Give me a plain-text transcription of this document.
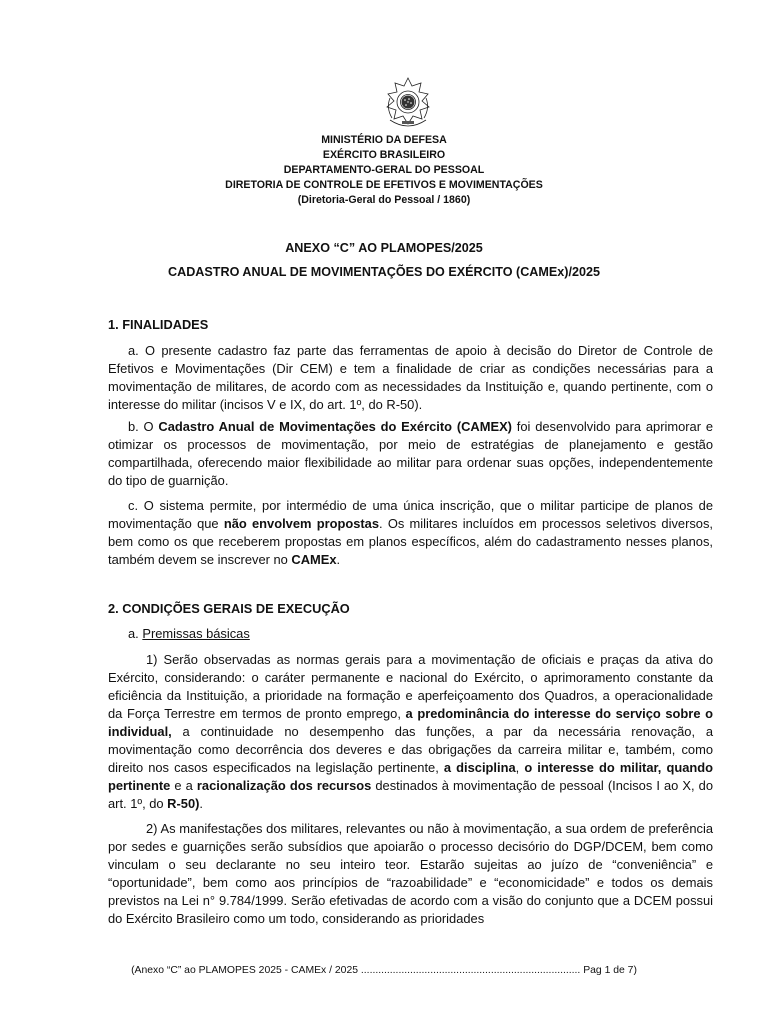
MINISTÉRIO DA DEFESA
EXÉRCITO BRASILEIRO
DEPARTAMENTO-GERAL DO PESSOAL
DIRETORIA DE CONTROLE DE EFETIVOS E MOVIMENTAÇÕES
(Diretoria-Geral do Pessoal / 1860)
ANEXO “C” AO PLAMOPES/2025
CADASTRO ANUAL DE MOVIMENTAÇÕES DO EXÉRCITO (CAMEx)/2025
1. FINALIDADES
a. O presente cadastro faz parte das ferramentas de apoio à decisão do Diretor de Controle de Efetivos e Movimentações (Dir CEM) e tem a finalidade de criar as condições necessárias para a movimentação de militares, de acordo com as necessidades da Instituição e, quando pertinente, com o interesse do militar (incisos V e IX, do art. 1º, do R-50).
b. O Cadastro Anual de Movimentações do Exército (CAMEX) foi desenvolvido para aprimorar e otimizar os processos de movimentação, por meio de estratégias de planejamento e gestão compartilhada, oferecendo maior flexibilidade ao militar para ordenar suas opções, independentemente do tipo de guarnição.
c. O sistema permite, por intermédio de uma única inscrição, que o militar participe de planos de movimentação que não envolvem propostas. Os militares incluídos em processos seletivos diversos, bem como os que receberem propostas em planos específicos, além do cadastramento nesses planos, também devem se inscrever no CAMEx.
2. CONDIÇÕES GERAIS DE EXECUÇÃO
a. Premissas básicas
1) Serão observadas as normas gerais para a movimentação de oficiais e praças da ativa do Exército, considerando: o caráter permanente e nacional do Exército, o aprimoramento constante da eficiência da Instituição, a prioridade na formação e aperfeiçoamento dos Quadros, a operacionalidade da Força Terrestre em termos de pronto emprego, a predominância do interesse do serviço sobre o individual, a continuidade no desempenho das funções, a par da necessária renovação, a movimentação como decorrência dos deveres e das obrigações da carreira militar e, também, como direito nos casos especificados na legislação pertinente, a disciplina, o interesse do militar, quando pertinente e a racionalização dos recursos destinados à movimentação de pessoal (Incisos I ao X, do art. 1º, do R-50).
2) As manifestações dos militares, relevantes ou não à movimentação, a sua ordem de preferência por sedes e guarnições serão subsídios que apoiarão o processo decisório do DGP/DCEM, bem como vinculam o seu declarante no seu inteiro teor. Estarão sujeitas ao juízo de “conveniência” e “oportunidade”, bem como aos princípios de “razoabilidade” e “economicidade” e todos os demais previstos na Lei n° 9.784/1999. Serão efetivadas de acordo com a visão do conjunto que a DCEM possui do Exército Brasileiro como um todo, considerando as prioridades
(Anexo “C” ao PLAMOPES 2025 - CAMEx / 2025 ............................................................................ Pag 1 de 7)
